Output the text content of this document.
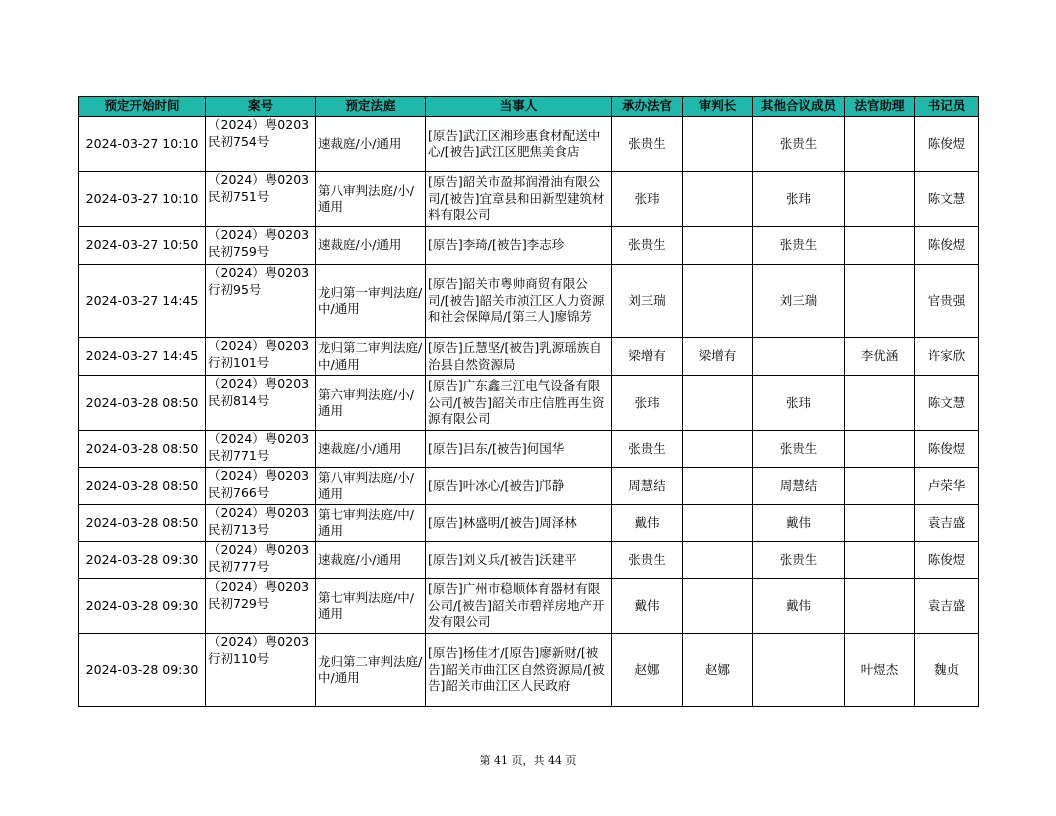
预定开始时间	案号	预定法庭	当事人	承办法官	审判长	其他合议成员	法官助理	书记员
2024-03-27 10:10	（2024）粤0203民初754号	速裁庭/小/通用	[原告]武江区湘珍惠食材配送中心/[被告]武江区肥焦美食店	张贵生		张贵生		陈俊煜
2024-03-27 10:10	（2024）粤0203民初751号	第八审判法庭/小/通用	[原告]韶关市盈邦润滑油有限公司/[被告]宜章县和田新型建筑材料有限公司	张玮		张玮		陈文慧
2024-03-27 10:50	（2024）粤0203民初759号	速裁庭/小/通用	[原告]李琦/[被告]李志珍	张贵生		张贵生		陈俊煜
2024-03-27 14:45	（2024）粤0203行初95号	龙归第一审判法庭/中/通用	[原告]韶关市粤帅商贸有限公司/[被告]韶关市浈江区人力资源和社会保障局/[第三人]廖锦芳	刘三瑞		刘三瑞		官贵强
2024-03-27 14:45	（2024）粤0203行初101号	龙归第二审判法庭/中/通用	[原告]丘慧坚/[被告]乳源瑶族自治县自然资源局	梁增有	梁增有		李优涵	许家欣
2024-03-28 08:50	（2024）粤0203民初814号	第六审判法庭/小/通用	[原告]广东鑫三江电气设备有限公司/[被告]韶关市庄信胜再生资源有限公司	张玮		张玮		陈文慧
2024-03-28 08:50	（2024）粤0203民初771号	速裁庭/小/通用	[原告]吕东/[被告]何国华	张贵生		张贵生		陈俊煜
2024-03-28 08:50	（2024）粤0203民初766号	第八审判法庭/小/通用	[原告]叶冰心/[被告]邝静	周慧结		周慧结		卢荣华
2024-03-28 08:50	（2024）粤0203民初713号	第七审判法庭/中/通用	[原告]林盛明/[被告]周泽林	戴伟		戴伟		袁吉盛
2024-03-28 09:30	（2024）粤0203民初777号	速裁庭/小/通用	[原告]刘义兵/[被告]沃建平	张贵生		张贵生		陈俊煜
2024-03-28 09:30	（2024）粤0203民初729号	第七审判法庭/中/通用	[原告]广州市稳顺体育器材有限公司/[被告]韶关市碧祥房地产开发有限公司	戴伟		戴伟		袁吉盛
2024-03-28 09:30	（2024）粤0203行初110号	龙归第二审判法庭/中/通用	[原告]杨佳才/[原告]廖新财/[被告]韶关市曲江区自然资源局/[被告]韶关市曲江区人民政府	赵娜	赵娜		叶煜杰	魏贞
第 41 页，共 44 页
